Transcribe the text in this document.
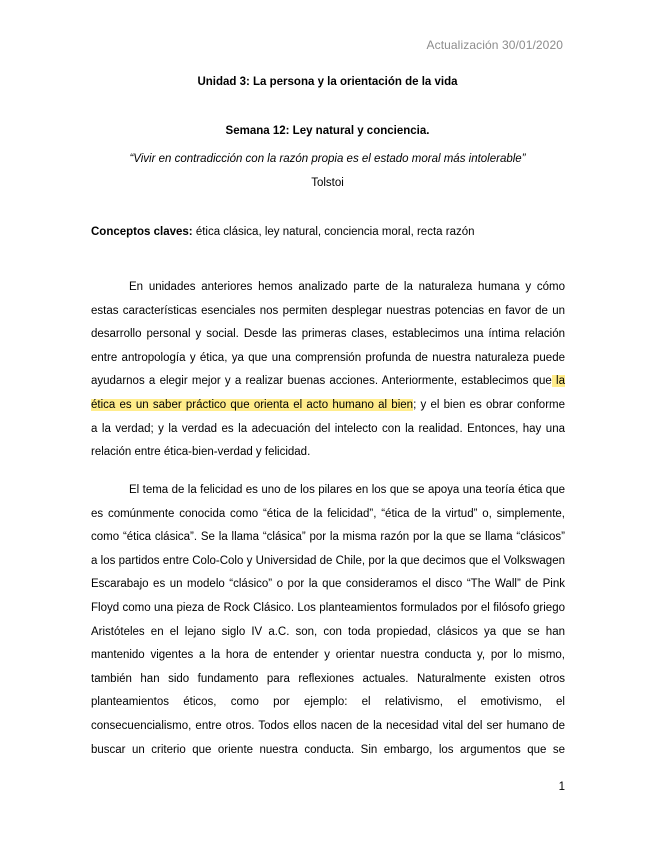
Actualización 30/01/2020
Unidad 3: La persona y la orientación de la vida
Semana 12: Ley natural y conciencia.
“Vivir en contradicción con la razón propia es el estado moral más intolerable”
Tolstoi
Conceptos claves: ética clásica, ley natural, conciencia moral, recta razón
En unidades anteriores hemos analizado parte de la naturaleza humana y cómo
estas características esenciales nos permiten desplegar nuestras potencias en favor de un
desarrollo personal y social. Desde las primeras clases, establecimos una íntima relación
entre antropología y ética, ya que una comprensión profunda de nuestra naturaleza puede
ayudarnos a elegir mejor y a realizar buenas acciones. Anteriormente, establecimos que la
ética es un saber práctico que orienta el acto humano al bien; y el bien es obrar conforme
a la verdad; y la verdad es la adecuación del intelecto con la realidad. Entonces, hay una
relación entre ética-bien-verdad y felicidad.
El tema de la felicidad es uno de los pilares en los que se apoya una teoría ética que
es comúnmente conocida como “ética de la felicidad”, “ética de la virtud” o, simplemente,
como “ética clásica”. Se la llama “clásica” por la misma razón por la que se llama “clásicos”
a los partidos entre Colo-Colo y Universidad de Chile, por la que decimos que el Volkswagen
Escarabajo es un modelo “clásico” o por la que consideramos el disco “The Wall” de Pink
Floyd como una pieza de Rock Clásico. Los planteamientos formulados por el filósofo griego
Aristóteles en el lejano siglo IV a.C. son, con toda propiedad, clásicos ya que se han
mantenido vigentes a la hora de entender y orientar nuestra conducta y, por lo mismo,
también han sido fundamento para reflexiones actuales. Naturalmente existen otros
planteamientos éticos, como por ejemplo: el relativismo, el emotivismo, el
consecuencialismo, entre otros. Todos ellos nacen de la necesidad vital del ser humano de
buscar un criterio que oriente nuestra conducta. Sin embargo, los argumentos que se
1
